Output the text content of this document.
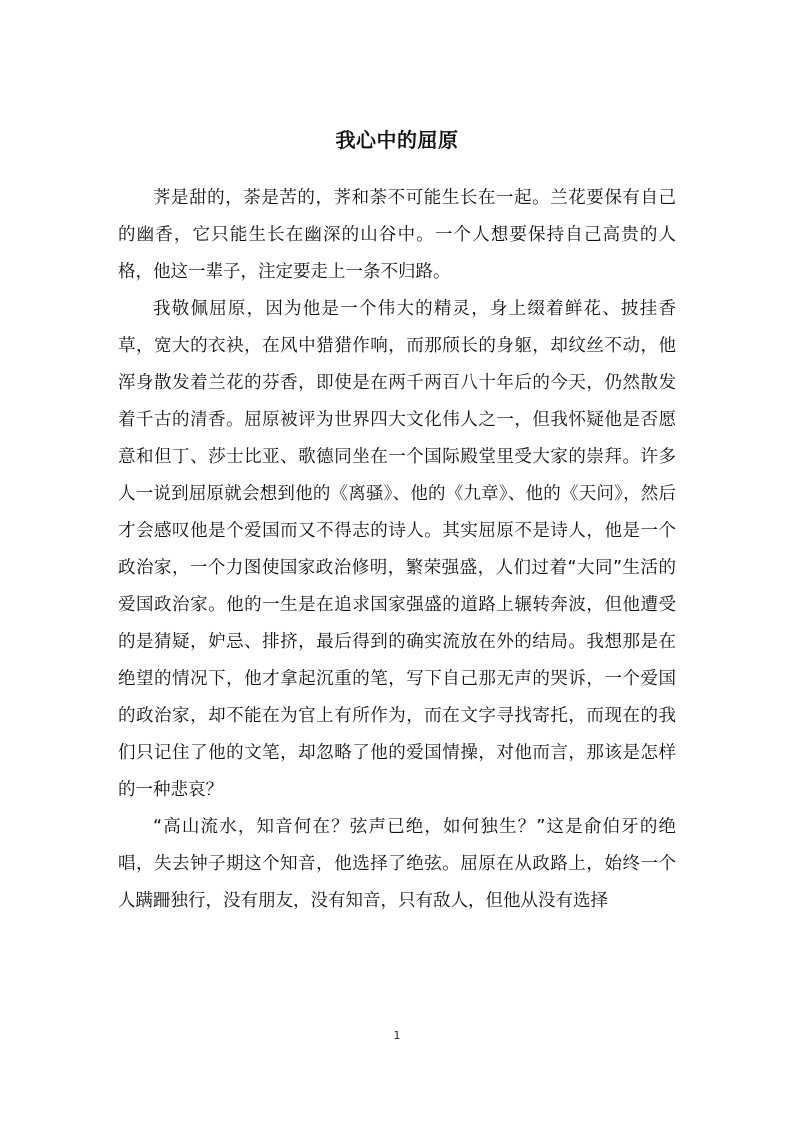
我心中的屈原

荠是甜的，荼是苦的，荠和荼不可能生长在一起。兰花要保有自己的幽香，它只能生长在幽深的山谷中。一个人想要保持自己高贵的人格，他这一辈子，注定要走上一条不归路。

我敬佩屈原，因为他是一个伟大的精灵，身上缀着鲜花、披挂香草，宽大的衣袂，在风中猎猎作响，而那颀长的身躯，却纹丝不动，他浑身散发着兰花的芬香，即使是在两千两百八十年后的今天，仍然散发着千古的清香。屈原被评为世界四大文化伟人之一，但我怀疑他是否愿意和但丁、莎士比亚、歌德同坐在一个国际殿堂里受大家的崇拜。许多人一说到屈原就会想到他的《离骚》、他的《九章》、他的《天问》，然后才会感叹他是个爱国而又不得志的诗人。其实屈原不是诗人，他是一个政治家，一个力图使国家政治修明，繁荣强盛，人们过着“大同”生活的爱国政治家。他的一生是在追求国家强盛的道路上辗转奔波，但他遭受的是猜疑，妒忌、排挤，最后得到的确实流放在外的结局。我想那是在绝望的情况下，他才拿起沉重的笔，写下自己那无声的哭诉，一个爱国的政治家，却不能在为官上有所作为，而在文字寻找寄托，而现在的我们只记住了他的文笔，却忽略了他的爱国情操，对他而言，那该是怎样的一种悲哀？

“高山流水，知音何在？弦声已绝，如何独生？”这是俞伯牙的绝唱，失去钟子期这个知音，他选择了绝弦。屈原在从政路上，始终一个人蹒跚独行，没有朋友，没有知音，只有敌人，但他从没有选择

1
